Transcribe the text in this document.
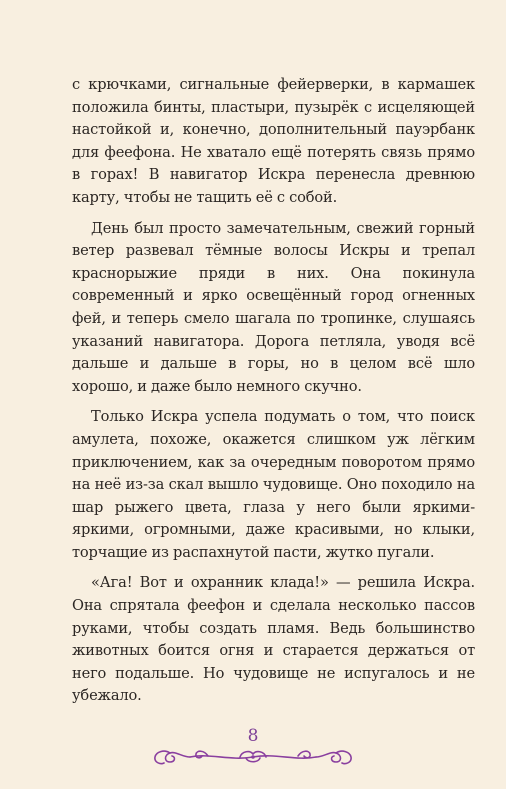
с крючками, сигнальные фейерверки, в кармашек положила бинты, пластыри, пузырёк с исцеляющей настойкой и, конечно, дополнительный пауэрбанк для феефона. Не хватало ещё потерять связь прямо в горах! В навигатор Искра перенесла древнюю карту, чтобы не тащить её с собой.

День был просто замечательным, свежий горный ветер развевал тёмные волосы Искры и трепал краснорыжие пряди в них. Она покинула современный и ярко освещённый город огненных фей, и теперь смело шагала по тропинке, слушаясь указаний навигатора. Дорога петляла, уводя всё дальше и дальше в горы, но в целом всё шло хорошо, и даже было немного скучно.

Только Искра успела подумать о том, что поиск амулета, похоже, окажется слишком уж лёгким приключением, как за очередным поворотом прямо на неё из-за скал вышло чудовище. Оно походило на шар рыжего цвета, глаза у него были яркими-яркими, огромными, даже красивыми, но клыки, торчащие из распахнутой пасти, жутко пугали.

«Ага! Вот и охранник клада!» — решила Искра. Она спрятала феефон и сделала несколько пассов руками, чтобы создать пламя. Ведь большинство животных боится огня и старается держаться от него подальше. Но чудовище не испугалось и не убежало.

8
